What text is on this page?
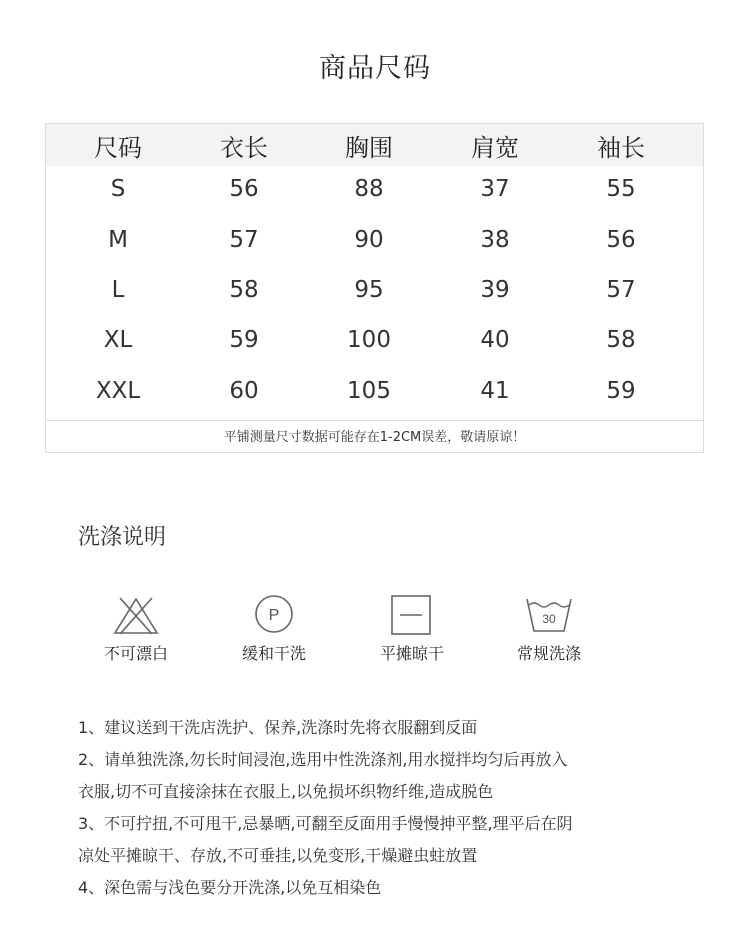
商品尺码
尺码	衣长	胸围	肩宽	袖长
S	56	88	37	55
M	57	90	38	56
L	58	95	39	57
XL	59	100	40	58
XXL	60	105	41	59
平铺测量尺寸数据可能存在1-2CM误差，敬请原谅！
洗涤说明
不可漂白
P
缓和干洗	平摊晾干
30
常规洗涤

1、建议送到干洗店洗护、保养,洗涤时先将衣服翻到反面

2、请单独洗涤,勿长时间浸泡,选用中性洗涤剂,用水搅拌均匀后再放入

衣服,切不可直接涂抹在衣服上,以免损坏织物纤维,造成脱色

3、不可拧扭,不可甩干,忌暴晒,可翻至反面用手慢慢抻平整,理平后在阴

凉处平摊晾干、存放,不可垂挂,以免变形,干燥避虫蛀放置

4、深色需与浅色要分开洗涤,以免互相染色
